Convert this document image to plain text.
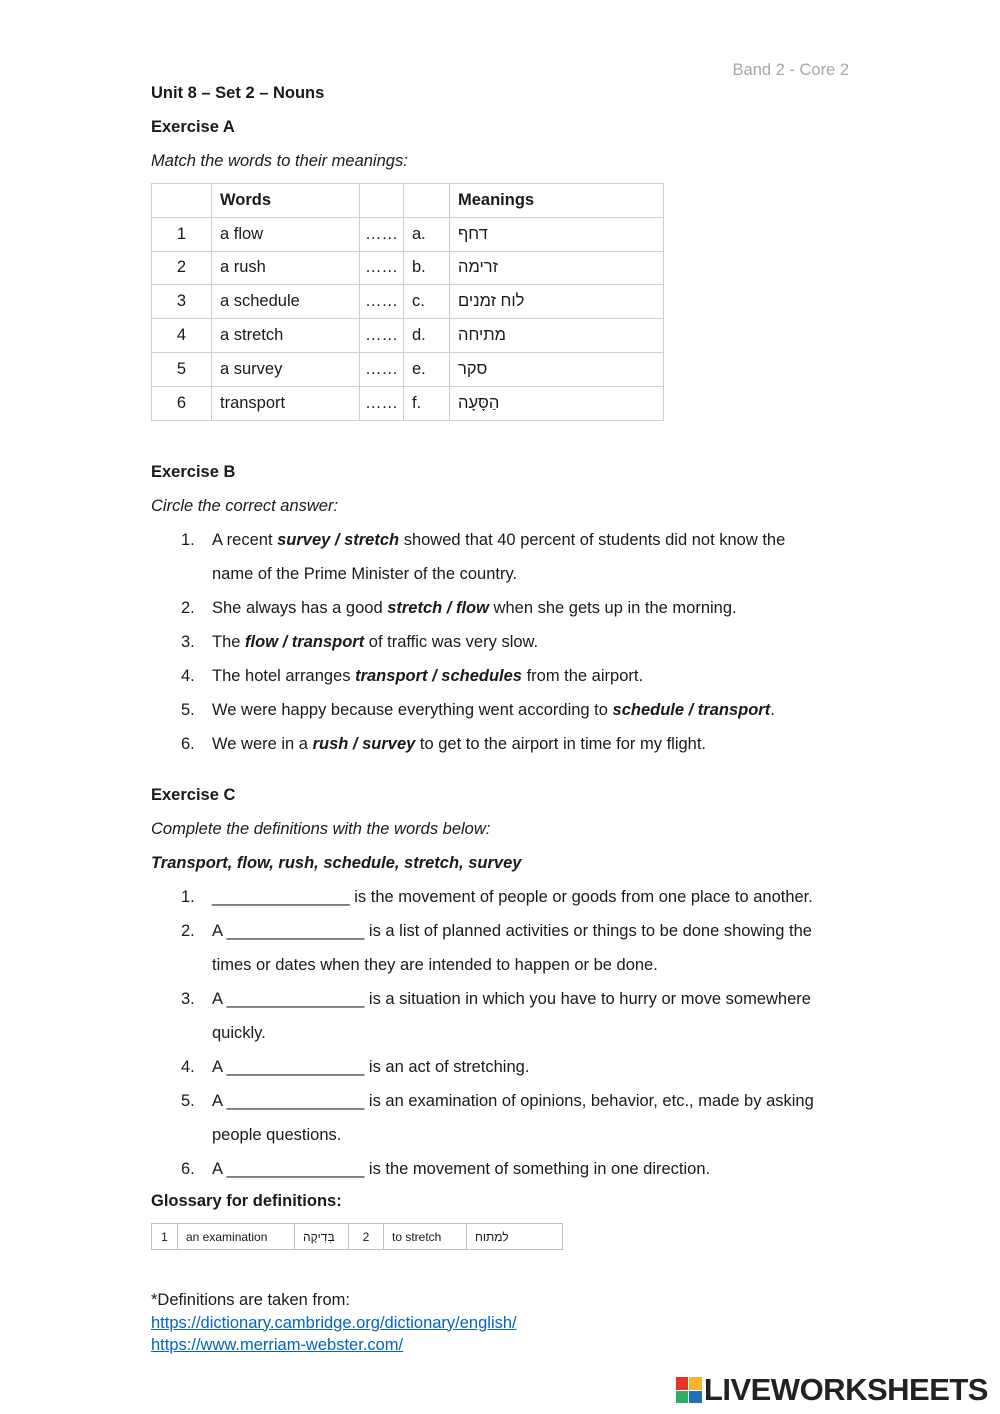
Band 2 - Core 2
Unit 8 – Set 2 – Nouns
Exercise A
Match the words to their meanings:
	Words			Meanings
1	a flow	……	a.	דחף
2	a rush	……	b.	זרימה
3	a schedule	……	c.	לוח זמנים
4	a stretch	……	d.	מתיחה
5	a survey	……	e.	סקר
6	transport	……	f.	הַסָּעָה
Exercise B
Circle the correct answer:
1. A recent survey / stretch showed that 40 percent of students did not know the
name of the Prime Minister of the country.
2. She always has a good stretch / flow when she gets up in the morning.
3. The flow / transport of traffic was very slow.
4. The hotel arranges transport / schedules from the airport.
5. We were happy because everything went according to schedule / transport.
6. We were in a rush / survey to get to the airport in time for my flight.
Exercise C
Complete the definitions with the words below:
Transport, flow, rush, schedule, stretch, survey
1. _______________ is the movement of people or goods from one place to another.
2. A _______________ is a list of planned activities or things to be done showing the
times or dates when they are intended to happen or be done.
3. A _______________ is a situation in which you have to hurry or move somewhere
quickly.
4. A _______________ is an act of stretching.
5. A _______________ is an examination of opinions, behavior, etc., made by asking
people questions.
6. A _______________ is the movement of something in one direction.
Glossary for definitions:
1	an examination	בְּדִיקָה	2	to stretch	למתוח
*Definitions are taken from:
https://dictionary.cambridge.org/dictionary/english/
https://www.merriam-webster.com/
LIVEWORKSHEETS
